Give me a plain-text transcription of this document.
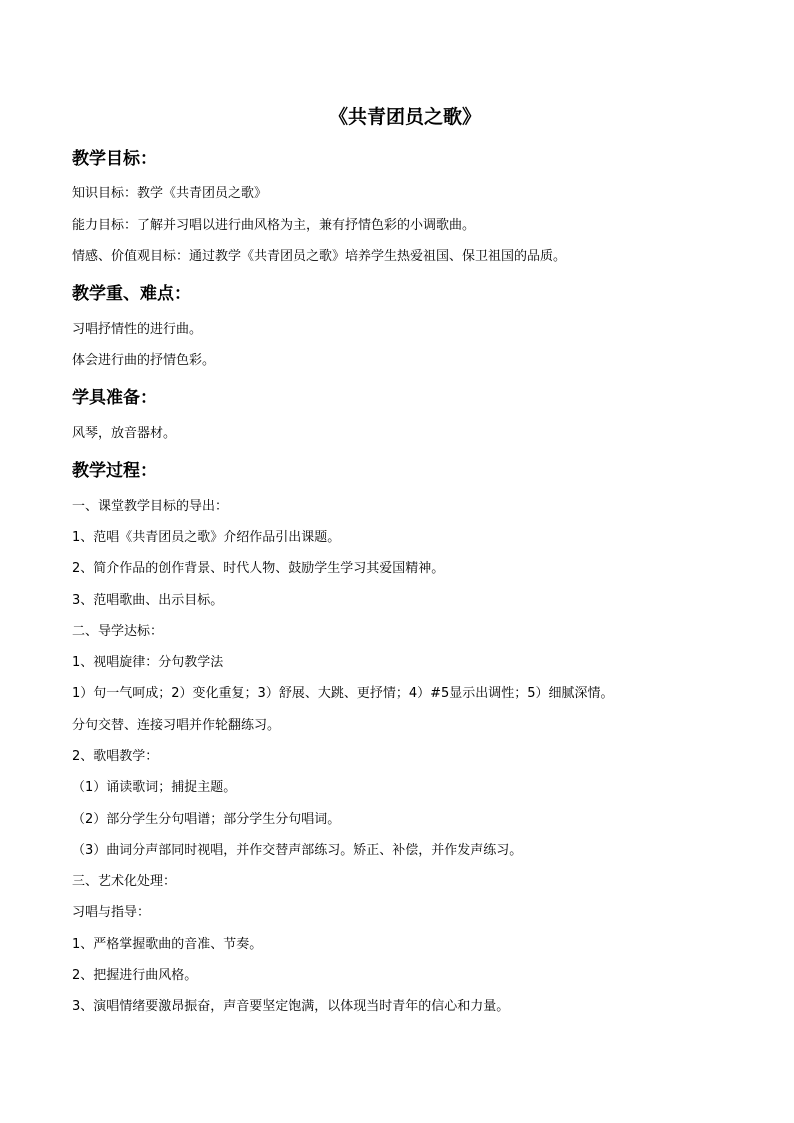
《共青团员之歌》
教学目标：
知识目标：教学《共青团员之歌》
能力目标：了解并习唱以进行曲风格为主，兼有抒情色彩的小调歌曲。
情感、价值观目标：通过教学《共青团员之歌》培养学生热爱祖国、保卫祖国的品质。
教学重、难点：
习唱抒情性的进行曲。
体会进行曲的抒情色彩。
学具准备：
风琴，放音器材。
教学过程：
一、课堂教学目标的导出：
1、范唱《共青团员之歌》介绍作品引出课题。
2、简介作品的创作背景、时代人物、鼓励学生学习其爱国精神。
3、范唱歌曲、出示目标。
二、导学达标：
1、视唱旋律：分句教学法
1）句一气呵成；2）变化重复；3）舒展、大跳、更抒情；4）#5显示出调性；5）细腻深情。
分句交替、连接习唱并作轮翻练习。
2、歌唱教学：
（1）诵读歌词；捕捉主题。
（2）部分学生分句唱谱；部分学生分句唱词。
（3）曲词分声部同时视唱，并作交替声部练习。矫正、补偿，并作发声练习。
三、艺术化处理：
习唱与指导：
1、严格掌握歌曲的音准、节奏。
2、把握进行曲风格。
3、演唱情绪要激昂振奋，声音要坚定饱满，以体现当时青年的信心和力量。
